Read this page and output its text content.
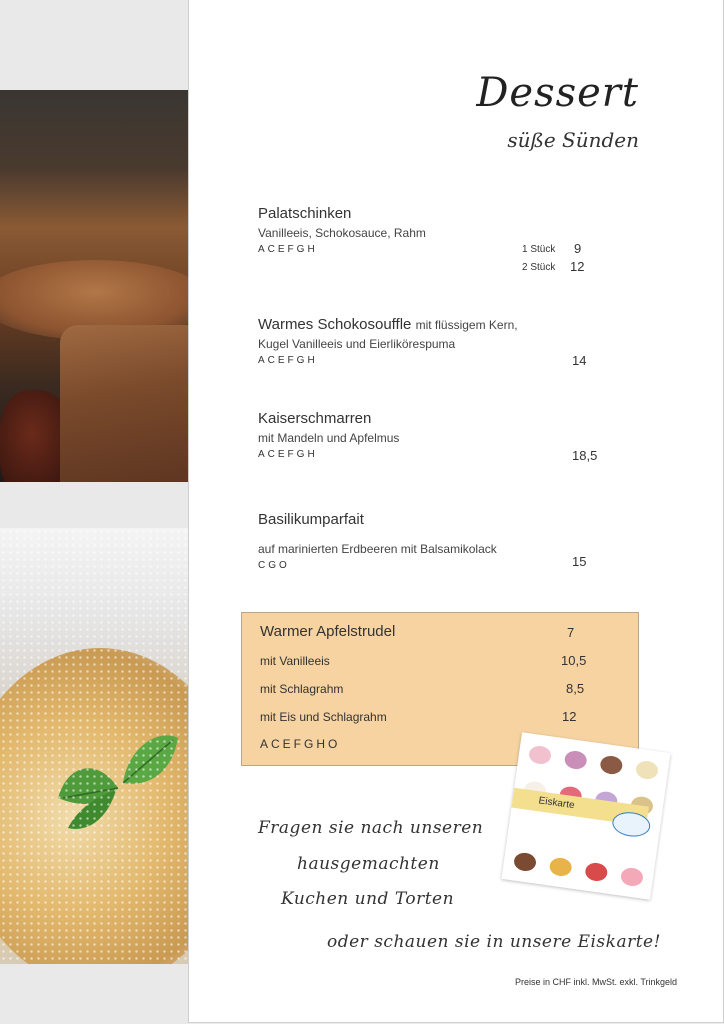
Dessert
süße Sünden
Palatschinken
Vanilleeis, Schokosauce, Rahm
ACEFGH	1 Stück 9
2 Stück 12
Warmes Schokosouffle mit flüssigem Kern,
Kugel Vanilleeis und Eierlikörespuma
ACEFGH	14
Kaiserschmarren
mit Mandeln und Apfelmus
ACEFGH	18,5
Basilikumparfait
auf marinierten Erdbeeren mit Balsamikolack
CGO	15
Warmer Apfelstrudel	7
mit Vanilleeis	10,5
mit Schlagrahm	8,5
mit Eis und Schlagrahm	12
ACEFGHO
Eiskarte
Fragen sie nach unseren
hausgemachten
Kuchen und Torten
oder schauen sie in unsere Eiskarte!
Preise in CHF inkl. MwSt. exkl. Trinkgeld
